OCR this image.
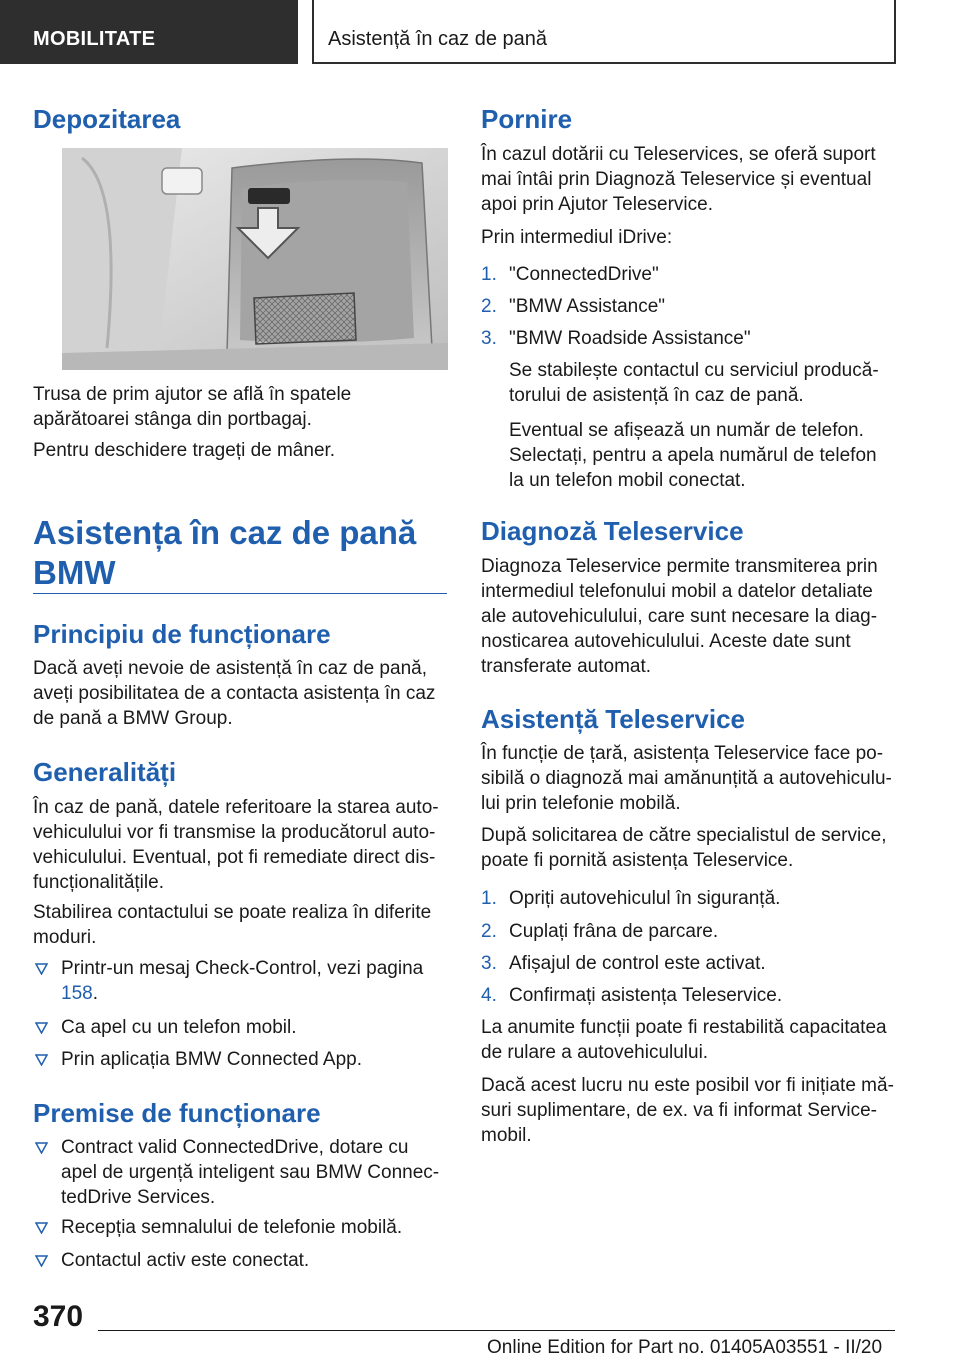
MOBILITATE	Asistență în caz de pană
Depozitarea
Trusa de prim ajutor se află în spatele apărătoarei stânga din portbagaj.
Pentru deschidere trageți de mâner.
Asistența în caz de pană
BMW
Principiu de funcționare
Dacă aveți nevoie de asistență în caz de pană, aveți posibilitatea de a contacta asistența în caz de pană a BMW Group.
Generalități
În caz de pană, datele referitoare la starea autovehiculului vor fi transmise la producătorul autovehiculului. Eventual, pot fi remediate direct disfuncționalitățile.
Stabilirea contactului se poate realiza în diferite moduri.
Printr-un mesaj Check-Control, vezi pagina 158.
Ca apel cu un telefon mobil.
Prin aplicația BMW Connected App.
Premise de funcționare
Contract valid ConnectedDrive, dotare cu apel de urgență inteligent sau BMW ConnectedDrive Services.
Recepția semnalului de telefonie mobilă.
Contactul activ este conectat.
Pornire
În cazul dotării cu Teleservices, se oferă suport mai întâi prin Diagnoză Teleservice și eventual apoi prin Ajutor Teleservice.
Prin intermediul iDrive:
1. "ConnectedDrive"
2. "BMW Assistance"
3. "BMW Roadside Assistance"
Se stabilește contactul cu serviciul producătorului de asistență în caz de pană.
Eventual se afișează un număr de telefon. Selectați, pentru a apela numărul de telefon la un telefon mobil conectat.
Diagnoză Teleservice
Diagnoza Teleservice permite transmiterea prin intermediul telefonului mobil a datelor detaliate ale autovehiculului, care sunt necesare la diagnosticarea autovehiculului. Aceste date sunt transferate automat.
Asistență Teleservice
În funcție de țară, asistența Teleservice face posibilă o diagnoză mai amănunțită a autovehiculului prin telefonie mobilă.
După solicitarea de către specialistul de service, poate fi pornită asistența Teleservice.
1. Opriți autovehiculul în siguranță.
2. Cuplați frâna de parcare.
3. Afișajul de control este activat.
4. Confirmați asistența Teleservice.
La anumite funcții poate fi restabilită capacitatea de rulare a autovehiculului.
Dacă acest lucru nu este posibil vor fi inițiate măsuri suplimentare, de ex. va fi informat Service-mobil.
370
Online Edition for Part no. 01405A03551 - II/20
